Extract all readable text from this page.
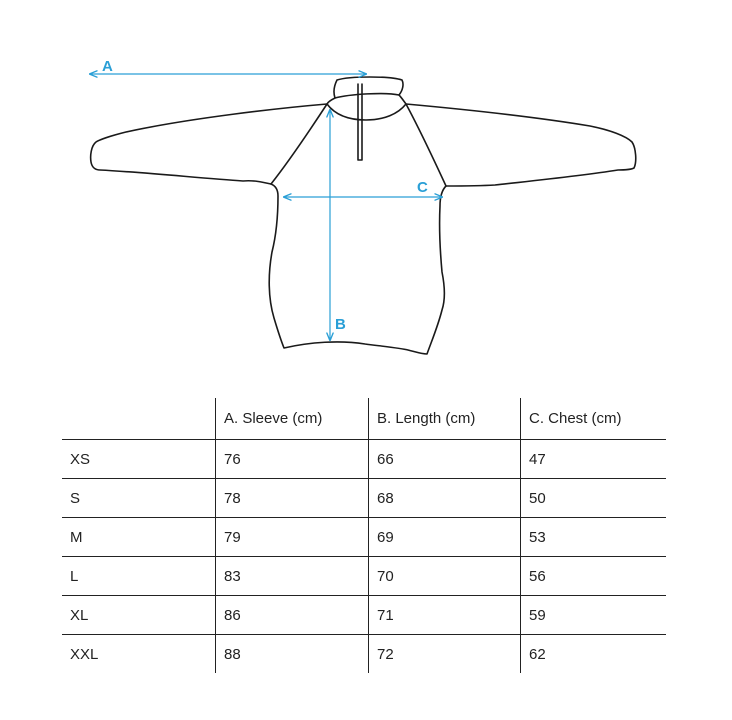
A
B
C
	A. Sleeve (cm)	B. Length (cm)	C. Chest (cm)
XS	76	66	47
S	78	68	50
M	79	69	53
L	83	70	56
XL	86	71	59
XXL	88	72	62
